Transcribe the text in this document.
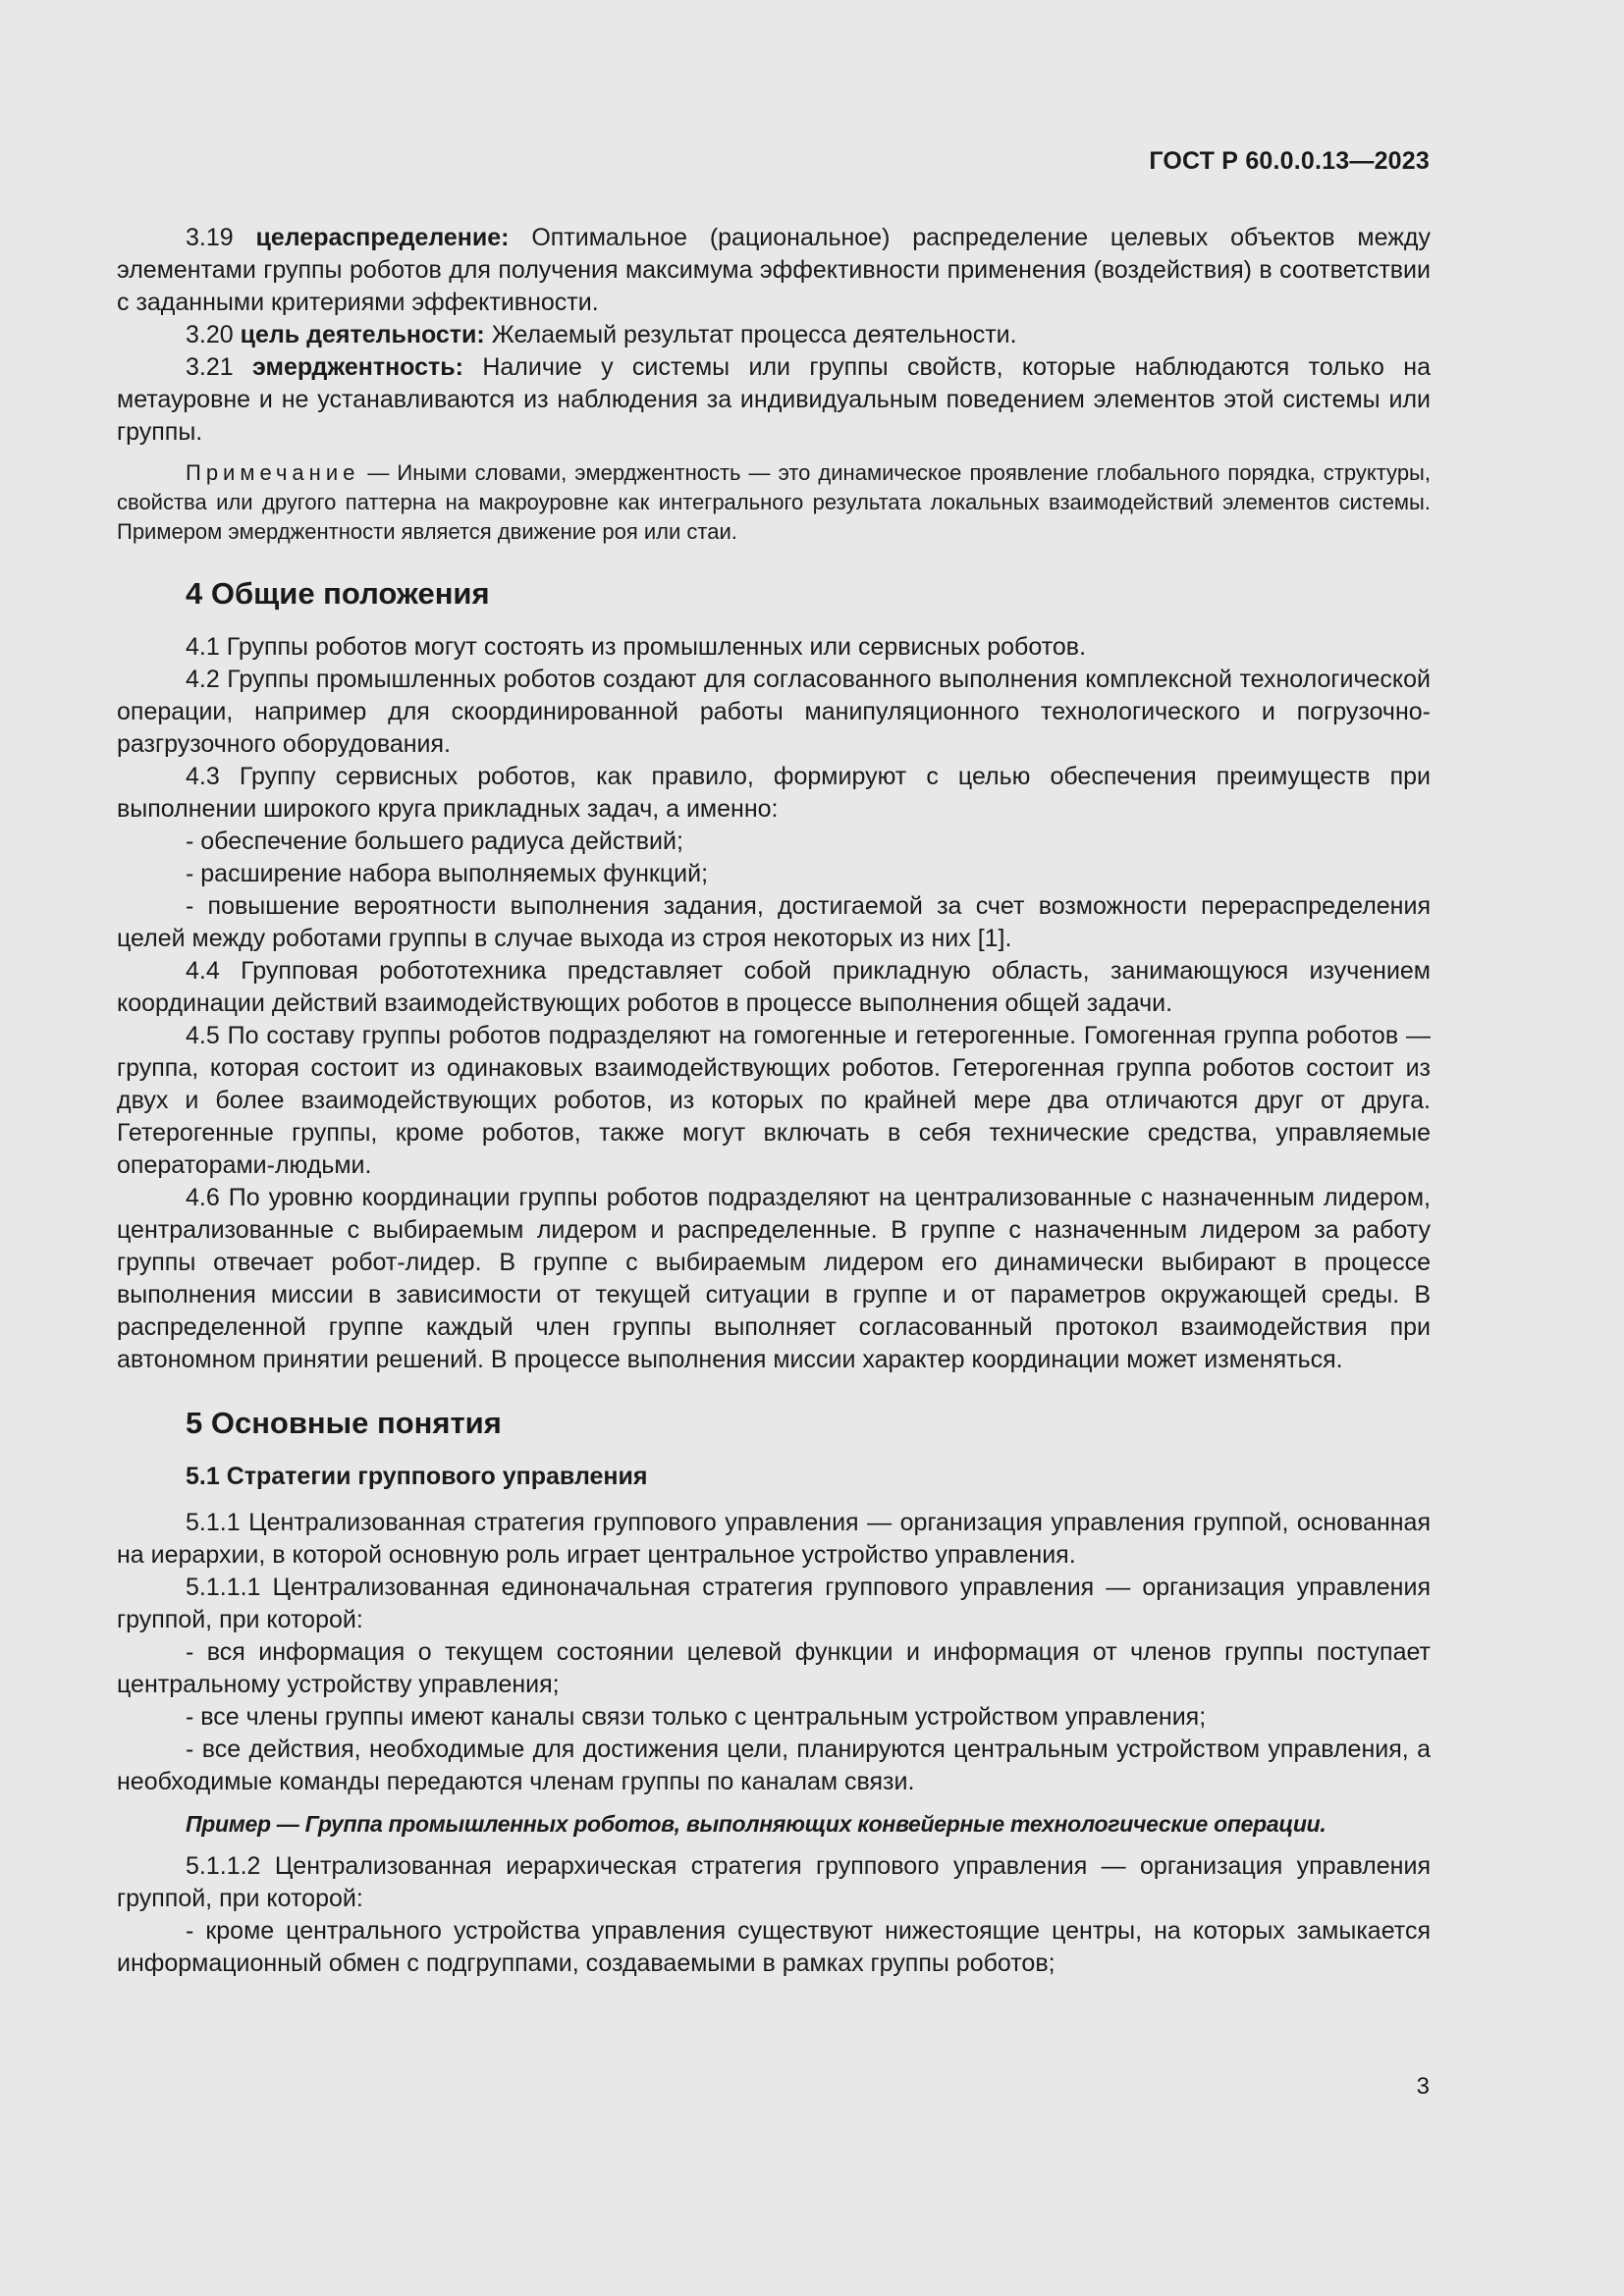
ГОСТ Р 60.0.0.13—2023

3.19 целераспределение: Оптимальное (рациональное) распределение целевых объектов между элементами группы роботов для получения максимума эффективности применения (воздействия) в соответствии с заданными критериями эффективности.

3.20 цель деятельности: Желаемый результат процесса деятельности.

3.21 эмерджентность: Наличие у системы или группы свойств, которые наблюдаются только на метауровне и не устанавливаются из наблюдения за индивидуальным поведением элементов этой системы или группы.

Примечание — Иными словами, эмерджентность — это динамическое проявление глобального порядка, структуры, свойства или другого паттерна на макроуровне как интегрального результата локальных взаимодействий элементов системы. Примером эмерджентности является движение роя или стаи.

4 Общие положения

4.1 Группы роботов могут состоять из промышленных или сервисных роботов.

4.2 Группы промышленных роботов создают для согласованного выполнения комплексной технологической операции, например для скоординированной работы манипуляционного технологического и погрузочно-разгрузочного оборудования.

4.3 Группу сервисных роботов, как правило, формируют с целью обеспечения преимуществ при выполнении широкого круга прикладных задач, а именно:

- обеспечение большего радиуса действий;

- расширение набора выполняемых функций;

- повышение вероятности выполнения задания, достигаемой за счет возможности перераспределения целей между роботами группы в случае выхода из строя некоторых из них [1].

4.4 Групповая робототехника представляет собой прикладную область, занимающуюся изучением координации действий взаимодействующих роботов в процессе выполнения общей задачи.

4.5 По составу группы роботов подразделяют на гомогенные и гетерогенные. Гомогенная группа роботов — группа, которая состоит из одинаковых взаимодействующих роботов. Гетерогенная группа роботов состоит из двух и более взаимодействующих роботов, из которых по крайней мере два отличаются друг от друга. Гетерогенные группы, кроме роботов, также могут включать в себя технические средства, управляемые операторами-людьми.

4.6 По уровню координации группы роботов подразделяют на централизованные с назначенным лидером, централизованные с выбираемым лидером и распределенные. В группе с назначенным лидером за работу группы отвечает робот-лидер. В группе с выбираемым лидером его динамически выбирают в процессе выполнения миссии в зависимости от текущей ситуации в группе и от параметров окружающей среды. В распределенной группе каждый член группы выполняет согласованный протокол взаимодействия при автономном принятии решений. В процессе выполнения миссии характер координации может изменяться.

5 Основные понятия
5.1 Стратегии группового управления

5.1.1 Централизованная стратегия группового управления — организация управления группой, основанная на иерархии, в которой основную роль играет центральное устройство управления.

5.1.1.1 Централизованная единоначальная стратегия группового управления — организация управления группой, при которой:

- вся информация о текущем состоянии целевой функции и информация от членов группы поступает центральному устройству управления;

- все члены группы имеют каналы связи только с центральным устройством управления;

- все действия, необходимые для достижения цели, планируются центральным устройством управления, а необходимые команды передаются членам группы по каналам связи.

Пример — Группа промышленных роботов, выполняющих конвейерные технологические операции.

5.1.1.2 Централизованная иерархическая стратегия группового управления — организация управления группой, при которой:

- кроме центрального устройства управления существуют нижестоящие центры, на которых замыкается информационный обмен с подгруппами, создаваемыми в рамках группы роботов;

3
